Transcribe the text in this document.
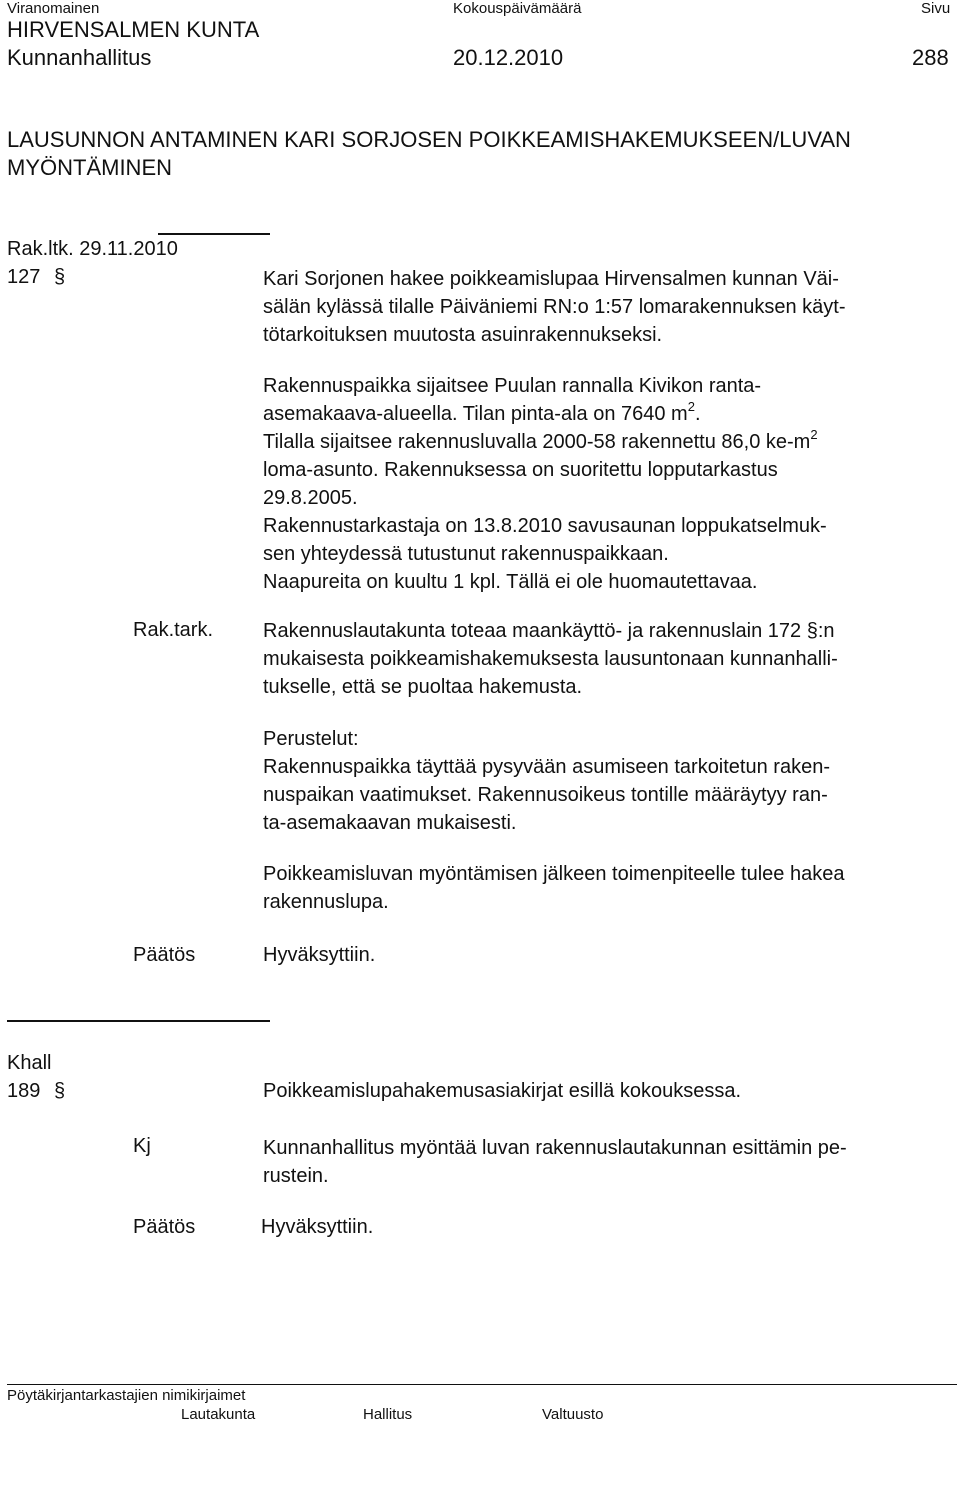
Viranomainen	Kokouspäivämäärä	Sivu
HIRVENSALMEN KUNTA
Kunnanhallitus	20.12.2010	288
LAUSUNNON ANTAMINEN KARI SORJOSEN POIKKEAMISHAKEMUKSEEN/LUVAN
MYÖNTÄMINEN
Rak.ltk. 29.11.2010
127 §	Kari Sorjonen hakee poikkeamislupaa Hirvensalmen kunnan Väi-

sälän kylässä tilalle Päiväniemi RN:o 1:57 lomarakennuksen käyt-

tötarkoituksen muutosta asuinrakennukseksi.

Rakennuspaikka sijaitsee Puulan rannalla Kivikon ranta-

asemakaava-alueella. Tilan pinta-ala on 7640 $m^2$.

Tilalla sijaitsee rakennusluvalla 2000-58 rakennettu 86,0 $ke-m^2$

loma-asunto. Rakennuksessa on suoritettu lopputarkastus

29.8.2005.

Rakennustarkastaja on 13.8.2010 savusaunan loppukatselmuk-

sen yhteydessä tutustunut rakennuspaikkaan.

Naapureita on kuultu 1 kpl. Tällä ei ole huomautettavaa.

Rak.tark. Rakennuslautakunta toteaa maankäyttö- ja rakennuslain 172 §:n

mukaisesta poikkeamishakemuksesta lausuntonaan kunnanhalli-

tukselle, että se puoltaa hakemusta.

Perustelut:

Rakennuspaikka täyttää pysyvään asumiseen tarkoitetun raken-

nuspaikan vaatimukset. Rakennusoikeus tontille määräytyy ran-

ta-asemakaavan mukaisesti.

Poikkeamisluvan myöntämisen jälkeen toimenpiteelle tulee hakea

rakennuslupa.

Päätös	Hyväksyttiin.
Khall
189 §	Poikkeamislupahakemusasiakirjat esillä kokouksessa.
Kj	Kunnanhallitus myöntää luvan rakennuslautakunnan esittämin pe-

rustein.

Päätös	Hyväksyttiin.
Pöytäkirjantarkastajien nimikirjaimet
Lautakunta	Hallitus	Valtuusto
